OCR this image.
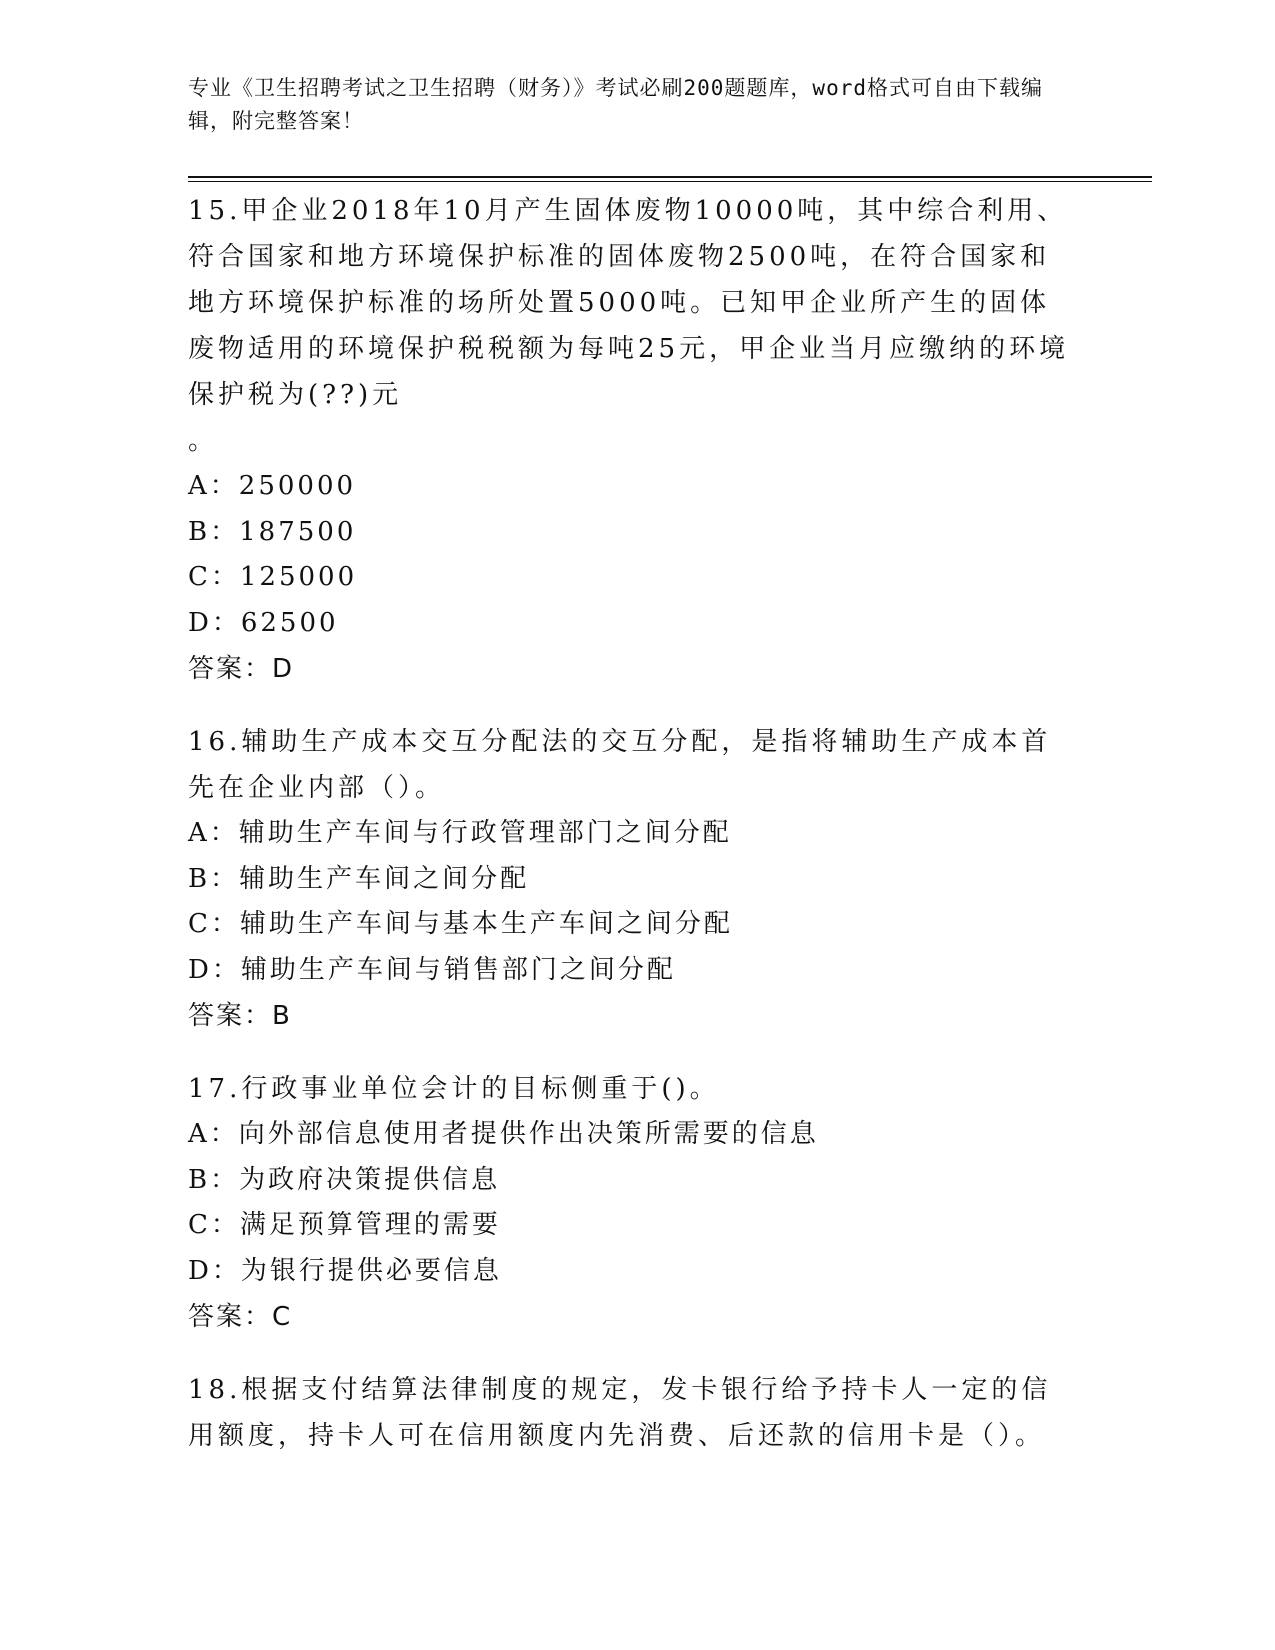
专业《卫生招聘考试之卫生招聘（财务）》考试必刷200题题库，word格式可自由下载编辑，附完整答案！
15.甲企业2018年10月产生固体废物10000吨，其中综合利用、符合国家和地方环境保护标准的固体废物2500吨，在符合国家和地方环境保护标准的场所处置5000吨。已知甲企业所产生的固体废物适用的环境保护税税额为每吨25元，甲企业当月应缴纳的环境保护税为(??)元
。
A：250000
B：187500
C：125000
D：62500
答案：D
16.辅助生产成本交互分配法的交互分配，是指将辅助生产成本首先在企业内部（）。
A：辅助生产车间与行政管理部门之间分配
B：辅助生产车间之间分配
C：辅助生产车间与基本生产车间之间分配
D：辅助生产车间与销售部门之间分配
答案：B
17.行政事业单位会计的目标侧重于()。
A：向外部信息使用者提供作出决策所需要的信息
B：为政府决策提供信息
C：满足预算管理的需要
D：为银行提供必要信息
答案：C
18.根据支付结算法律制度的规定，发卡银行给予持卡人一定的信用额度，持卡人可在信用额度内先消费、后还款的信用卡是（）。
